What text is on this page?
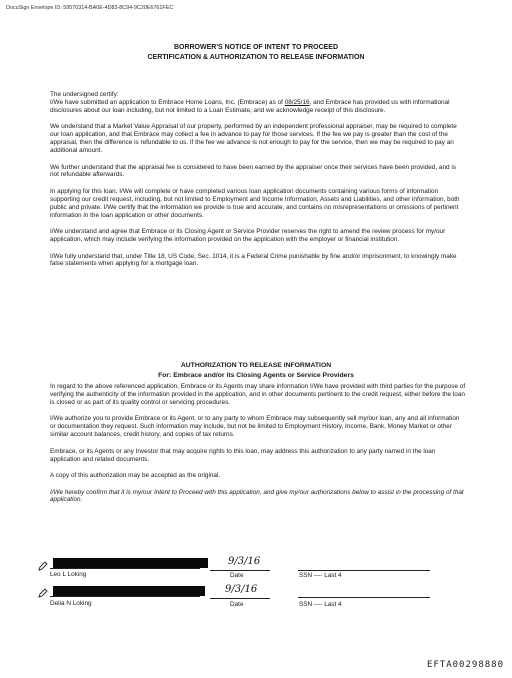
DocuSign Envelope ID: 59570314-BA0E-4D83-8C94-9C20E6761FEC
BORROWER'S NOTICE OF INTENT TO PROCEED
CERTIFICATION & AUTHORIZATION TO RELEASE INFORMATION

The undersigned certify:

I/We have submitted an application to Embrace Home Loans, Inc. (Embrace) as of 08/25/16, and Embrace has provided us with informational disclosures about our loan including, but not limited to a Loan Estimate, and we acknowledge receipt of this disclosure.

We understand that a Market Value Appraisal of our property, performed by an independent professional appraiser, may be required to complete our loan application, and that Embrace may collect a fee in advance to pay for those services. If the fee we pay is greater than the cost of the appraisal, then the difference is refundable to us. If the fee we advance is not enough to pay for the service, then we may be required to pay an additional amount.

We further understand that the appraisal fee is considered to have been earned by the appraiser once their services have been provided, and is not refundable afterwards.

In applying for this loan, I/We will complete or have completed various loan application documents containing various forms of information supporting our credit request, including, but not limited to Employment and Income Information, Assets and Liabilities, and other information, both public and private. I/We certify that the information we provide is true and accurate, and contains no misrepresentations or omissions of pertinent information in the loan application or other documents.

I/We understand and agree that Embrace or its Closing Agent or Service Provider reserves the right to amend the review process for my/our application, which may include verifying the information provided on the application with the employer or financial institution.

I/We fully understand that, under Title 18, US Code, Sec. 1014, it is a Federal Crime punishable by fine and/or imprisonment, to knowingly make false statements when applying for a mortgage loan.

AUTHORIZATION TO RELEASE INFORMATION
For: Embrace and/or its Closing Agents or Service Providers

In regard to the above referenced application, Embrace or its Agents may share information I/We have provided with third parties for the purpose of verifying the authenticity of the information provided in the application, and in other documents pertinent to the credit request, either before the loan is closed or as part of its quality control or servicing procedures.

I/We authorize you to provide Embrace or its Agent, or to any party to whom Embrace may subsequently sell my/our loan, any and all information or documentation they request. Such information may include, but not be limited to Employment History, Income, Bank, Money Market or other similar account balances, credit history, and copies of tax returns.

Embrace, or its Agents or any Investor that may acquire rights to this loan, may address this authorization to any party named in the loan application and related documents.

A copy of this authorization may be accepted as the original.

I/We hereby confirm that it is my/our Intent to Proceed with this application, and give my/our authorizations below to assist in the processing of that application.

9/3/16
Leo L Loking	Date	SSN ---- Last 4
9/3/16
Delia N Loking	Date	SSN ---- Last 4
EFTA00298880
